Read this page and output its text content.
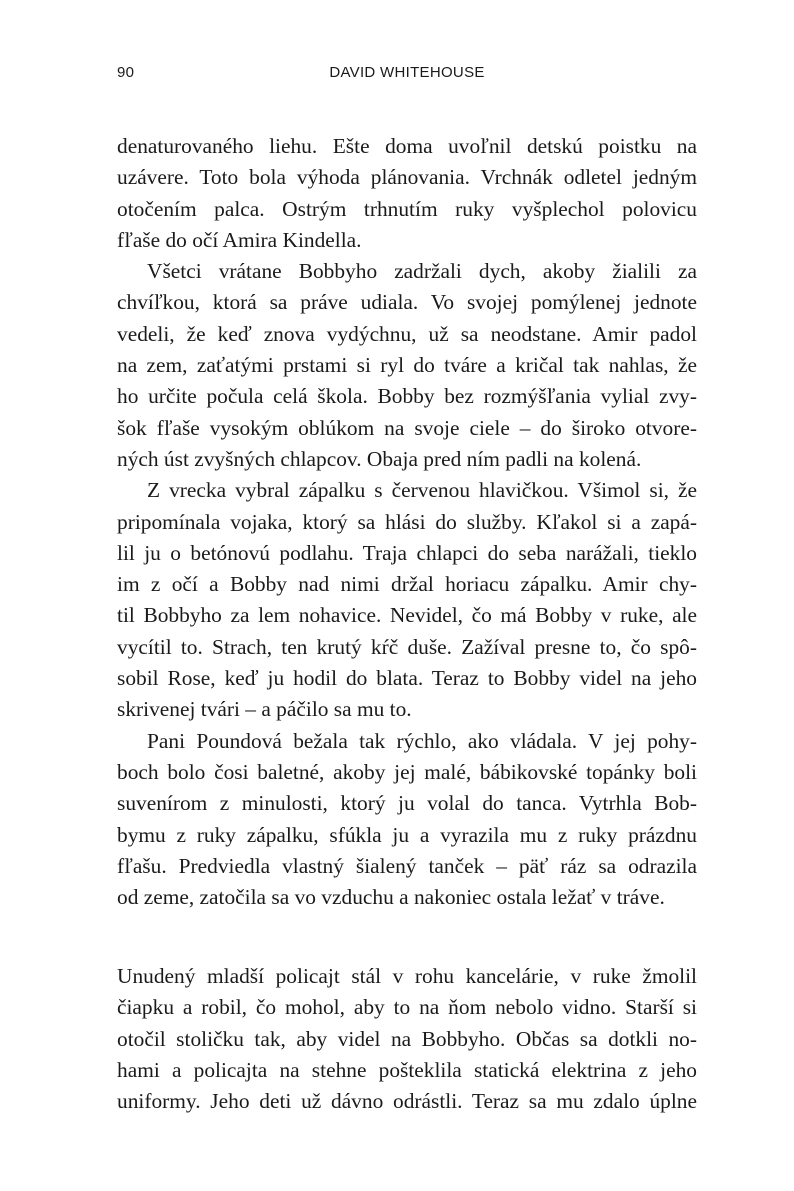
90	DAVID WHITEHOUSE
denaturovaného liehu. Ešte doma uvoľnil detskú poistku na
uzávere. Toto bola výhoda plánovania. Vrchnák odletel jedným
otočením palca. Ostrým trhnutím ruky vyšplechol polovicu
fľaše do očí Amira Kindella.
Všetci vrátane Bobbyho zadržali dych, akoby žialili za
chvíľkou, ktorá sa práve udiala. Vo svojej pomýlenej jednote
vedeli, že keď znova vydýchnu, už sa neodstane. Amir padol
na zem, zaťatými prstami si ryl do tváre a kričal tak nahlas, že
ho určite počula celá škola. Bobby bez rozmýšľania vylial zvy-
šok fľaše vysokým oblúkom na svoje ciele – do široko otvore-
ných úst zvyšných chlapcov. Obaja pred ním padli na kolená.
Z vrecka vybral zápalku s červenou hlavičkou. Všimol si, že
pripomínala vojaka, ktorý sa hlási do služby. Kľakol si a zapá-
lil ju o betónovú podlahu. Traja chlapci do seba narážali, tieklo
im z očí a Bobby nad nimi držal horiacu zápalku. Amir chy-
til Bobbyho za lem nohavice. Nevidel, čo má Bobby v ruke, ale
vycítil to. Strach, ten krutý kŕč duše. Zažíval presne to, čo spô-
sobil Rose, keď ju hodil do blata. Teraz to Bobby videl na jeho
skrivenej tvári – a páčilo sa mu to.
Pani Poundová bežala tak rýchlo, ako vládala. V jej pohy-
boch bolo čosi baletné, akoby jej malé, bábikovské topánky boli
suvenírom z minulosti, ktorý ju volal do tanca. Vytrhla Bob-
bymu z ruky zápalku, sfúkla ju a vyrazila mu z ruky prázdnu
fľašu. Predviedla vlastný šialený tanček – päť ráz sa odrazila
od zeme, zatočila sa vo vzduchu a nakoniec ostala ležať v tráve.
Unudený mladší policajt stál v rohu kancelárie, v ruke žmolil
čiapku a robil, čo mohol, aby to na ňom nebolo vidno. Starší si
otočil stoličku tak, aby videl na Bobbyho. Občas sa dotkli no-
hami a policajta na stehne pošteklila statická elektrina z jeho
uniformy. Jeho deti už dávno odrástli. Teraz sa mu zdalo úplne
